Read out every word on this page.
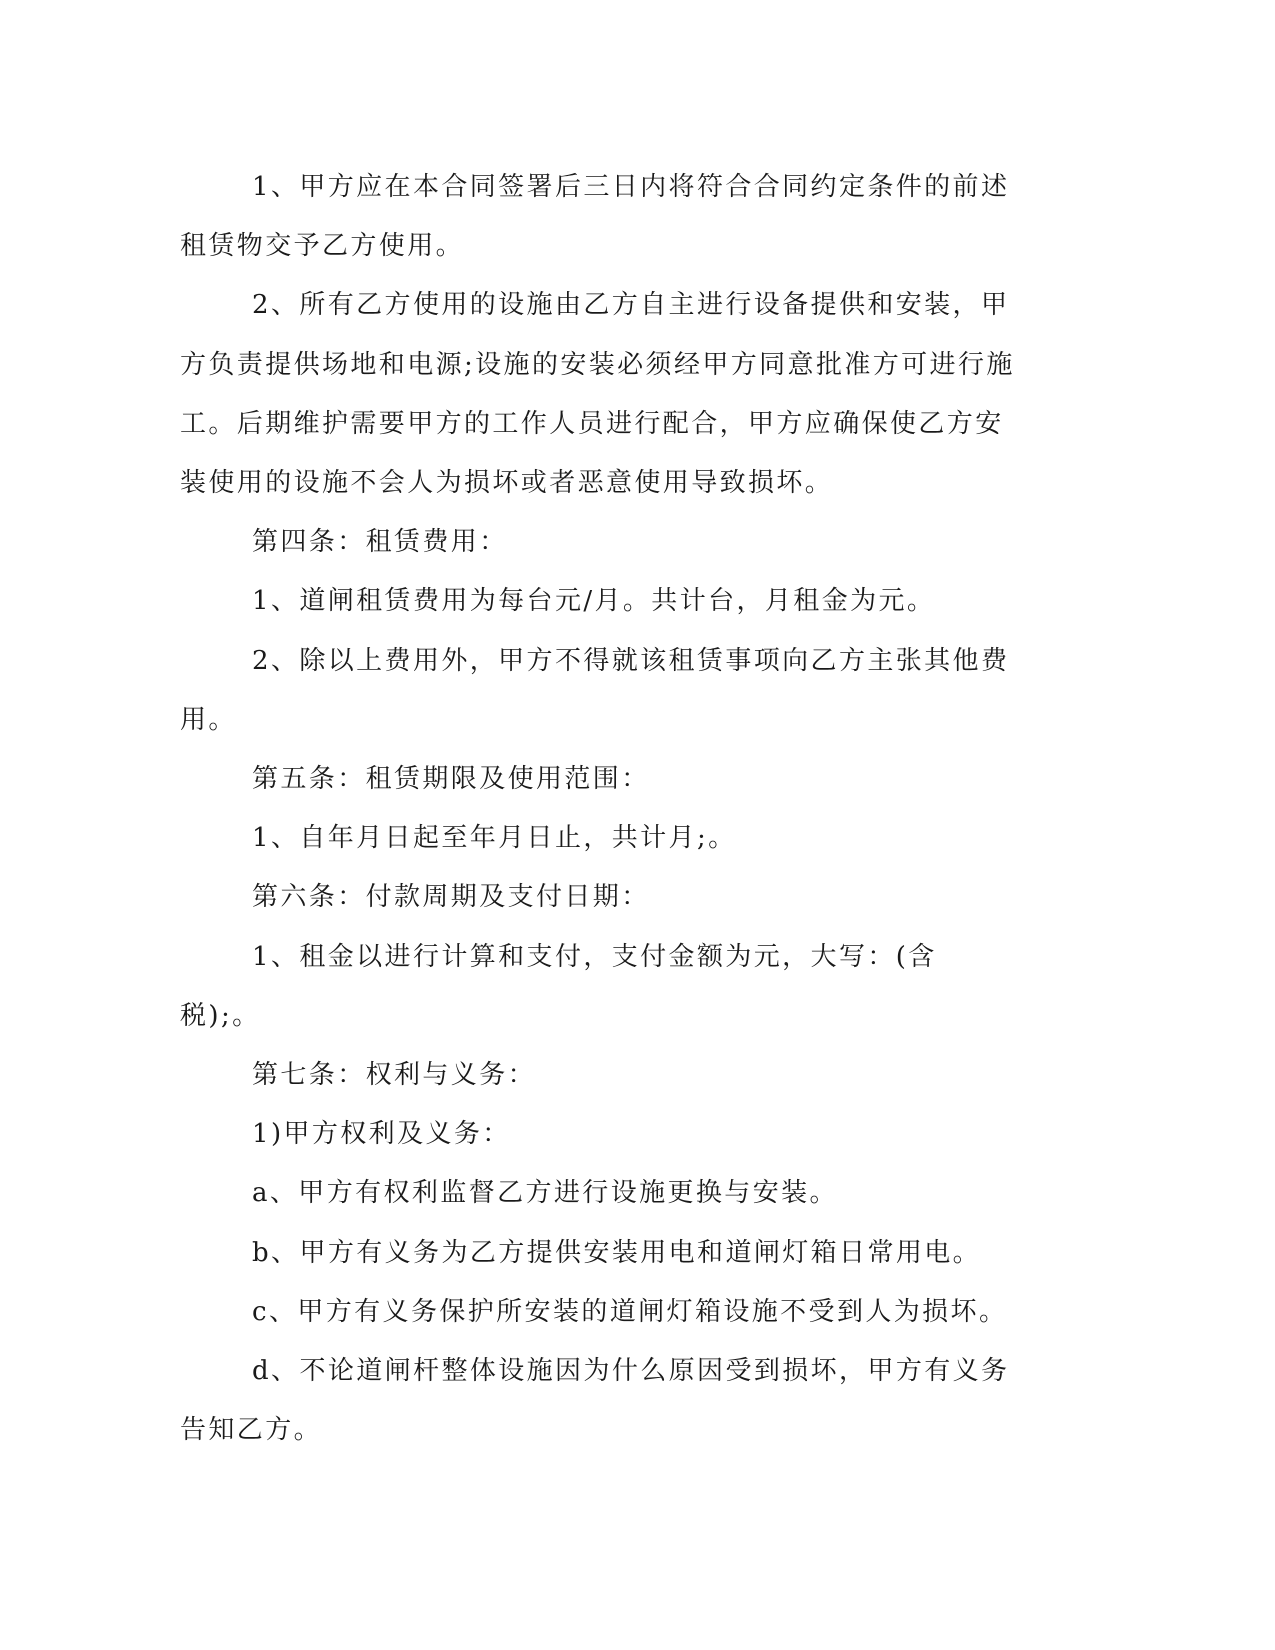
1、甲方应在本合同签署后三日内将符合合同约定条件的前述租赁物交予乙方使用。

2、所有乙方使用的设施由乙方自主进行设备提供和安装，甲方负责提供场地和电源;设施的安装必须经甲方同意批准方可进行施工。后期维护需要甲方的工作人员进行配合，甲方应确保使乙方安装使用的设施不会人为损坏或者恶意使用导致损坏。

第四条：租赁费用：

1、道闸租赁费用为每台元/月。共计台，月租金为元。

2、除以上费用外，甲方不得就该租赁事项向乙方主张其他费用。

第五条：租赁期限及使用范围：

1、自年月日起至年月日止，共计月;。

第六条：付款周期及支付日期：

1、租金以进行计算和支付，支付金额为元，大写：(含税);。

第七条：权利与义务：

1)甲方权利及义务：

a、甲方有权利监督乙方进行设施更换与安装。

b、甲方有义务为乙方提供安装用电和道闸灯箱日常用电。

c、甲方有义务保护所安装的道闸灯箱设施不受到人为损坏。

d、不论道闸杆整体设施因为什么原因受到损坏，甲方有义务告知乙方。
